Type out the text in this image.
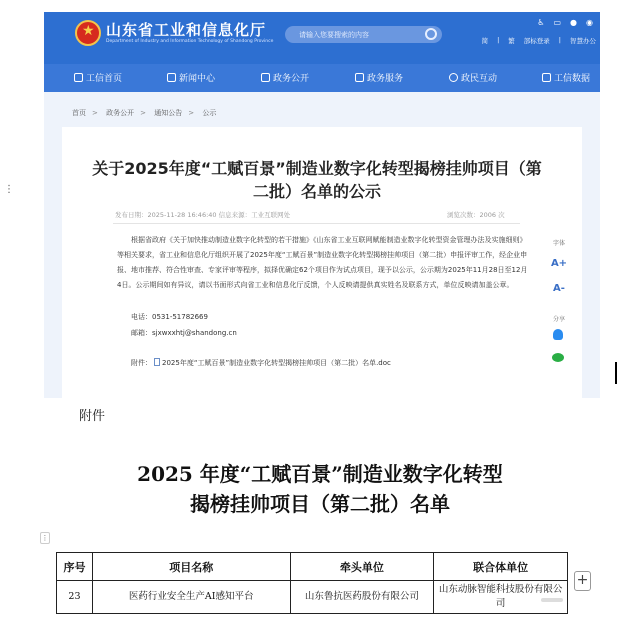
⋮
★
山东省工业和信息化厅
Department of Industry and Information Technology of Shandong Province
请输入您要搜索的内容
♿ ▭ ● ◉
简 | 繁 部标登录 | 智慧办公
工信首页	新闻中心	政务公开	政务服务	政民互动	工信数据
首页 > 政务公开 > 通知公告 > 公示
关于2025年度“工赋百景”制造业数字化转型揭榜挂帅项目（第二批）名单的公示
发布日期：2025-11-28 16:46:40 信息来源：工业互联网处	浏览次数：2006 次
根据省政府《关于加快推动制造业数字化转型的若干措施》《山东省工业互联网赋能制造业数字化转型资金管理办法及实施细则》等相关要求，省工业和信息化厅组织开展了2025年度“工赋百景”制造业数字化转型揭榜挂帅项目（第二批）申报评审工作，经企业申报、地市推荐、符合性审查、专家评审等程序，拟择优确定62个项目作为试点项目，现予以公示，公示期为2025年11月28日至12月4日。公示期间如有异议，请以书面形式向省工业和信息化厅反馈，个人反映请提供真实姓名及联系方式，单位反映请加盖公章。
电话：0531-51782669
邮箱：sjxwxxhtj@shandong.cn
附件： 2025年度“工赋百景”制造业数字化转型揭榜挂帅项目（第二批）名单.doc
字体
A+
A-
分享
附件
2025 年度“工赋百景”制造业数字化转型
揭榜挂帅项目（第二批）名单
⋮
序号	项目名称	牵头单位	联合体单位
23	医药行业安全生产AI感知平台	山东鲁抗医药股份有限公司	山东动脉智能科技股份有限公司
+
